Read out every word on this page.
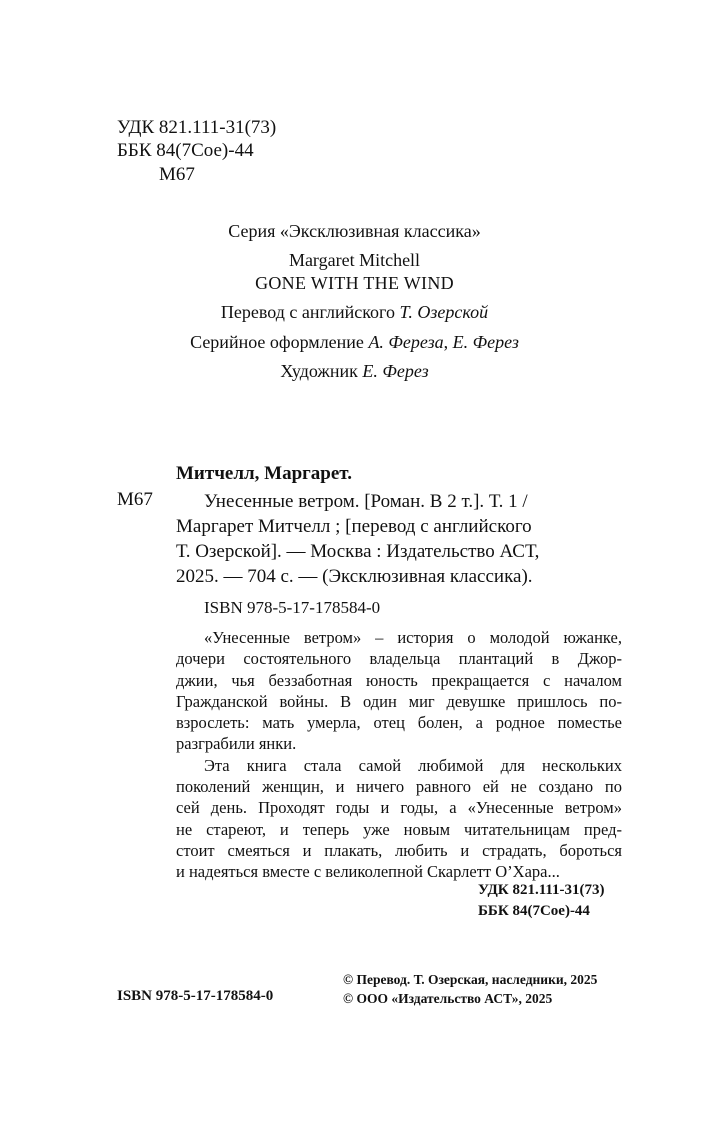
УДК 821.111-31(73)
ББК 84(7Сое)-44
М67
Серия «Эксклюзивная классика»
Margaret Mitchell
GONE WITH THE WIND
Перевод с английского Т. Озерской
Серийное оформление А. Фереза, Е. Ферез
Художник Е. Ферез
Митчелл, Маргарет.
М67	Унесенные ветром. [Роман. В 2 т.]. Т. 1 /
Маргарет Митчелл ; [перевод с английского
Т. Озерской]. — Москва : Издательство АСТ,
2025. — 704 с. — (Эксклюзивная классика).
ISBN 978-5-17-178584-0
«Унесенные ветром» – история о молодой южанке,
дочери состоятельного владельца плантаций в Джор-
джии, чья беззаботная юность прекращается с началом
Гражданской войны. В один миг девушке пришлось по-
взрослеть: мать умерла, отец болен, а родное поместье
разграбили янки.
Эта книга стала самой любимой для нескольких
поколений женщин, и ничего равного ей не создано по
сей день. Проходят годы и годы, а «Унесенные ветром»
не стареют, и теперь уже новым читательницам пред-
стоит смеяться и плакать, любить и страдать, бороться
и надеяться вместе с великолепной Скарлетт О’Хара...
УДК 821.111-31(73)
ББК 84(7Сое)-44
© Перевод. Т. Озерская, наследники, 2025
ISBN 978-5-17-178584-0	© ООО «Издательство АСТ», 2025
